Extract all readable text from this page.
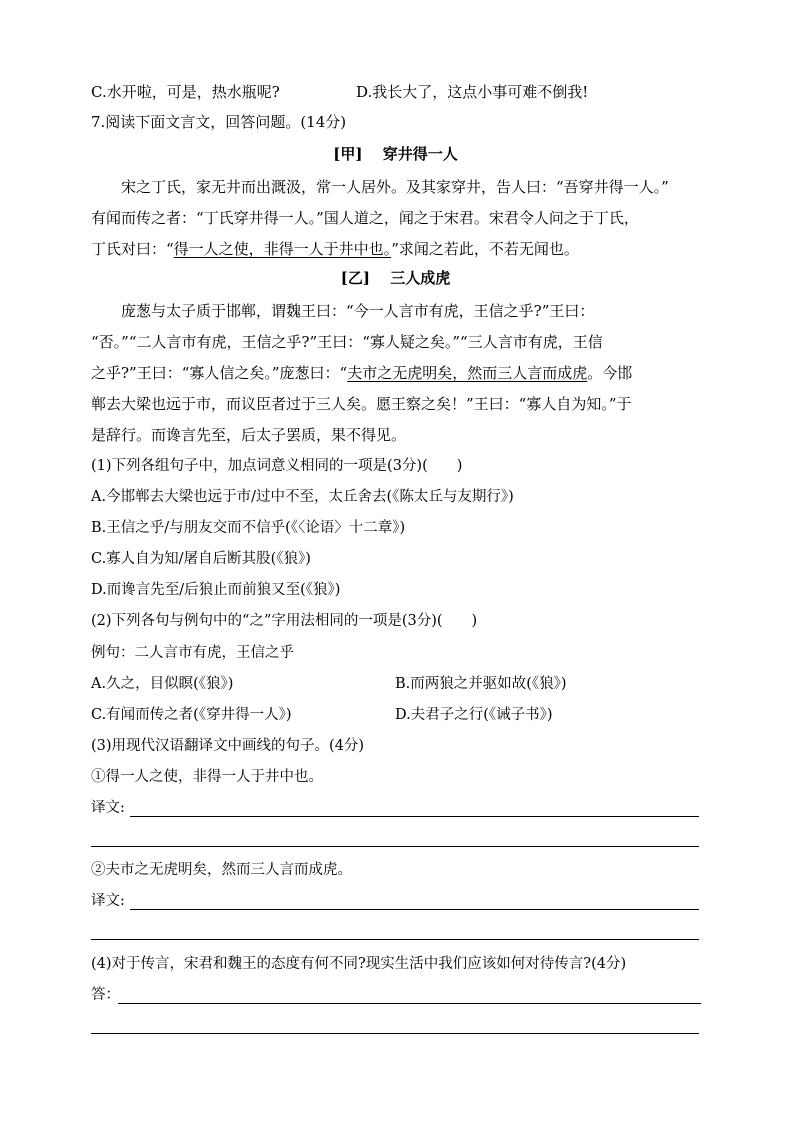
C.水开啦，可是，热水瓶呢?	D.我长大了，这点小事可难不倒我!
7.阅读下面文言文，回答问题。(14分)
[甲]　 穿井得一人
　　宋之丁氏，家无井而出溉汲，常一人居外。及其家穿井，告人曰：“吾穿井得一人。”
有闻而传之者：“丁氏穿井得一人。”国人道之，闻之于宋君。宋君令人问之于丁氏，
丁氏对曰：“得一人之使，非得一人于井中也。”求闻之若此，不若无闻也。
[乙]　 三人成虎
　　庞葱与太子质于邯郸，谓魏王曰：“今一人言市有虎，王信之乎?”王曰：
“否。”“二人言市有虎，王信之乎?”王曰：“寡人疑之矣。”“三人言市有虎，王信
之乎?”王曰：“寡人信之矣。”庞葱曰：“夫市之无虎明矣，然而三人言而成虎。今邯
郸去大梁也远于市，而议臣者过于三人矣。愿王察之矣！”王曰：“寡人自为知。”于
是辞行。而谗言先至，后太子罢质，果不得见。
(1)下列各组句子中，加点词意义相同的一项是(3分)(　　)
A.今邯郸去大梁也远于市/过中不至，太丘舍去(《陈太丘与友期行》)
B.王信之乎/与朋友交而不信乎(《〈论语〉十二章》)
C.寡人自为知/屠自后断其股(《狼》)
D.而谗言先至/后狼止而前狼又至(《狼》)
(2)下列各句与例句中的“之”字用法相同的一项是(3分)(　　)
例句：二人言市有虎，王信之乎
A.久之，目似瞑(《狼》)	B.而两狼之并驱如故(《狼》)
C.有闻而传之者(《穿井得一人》)	D.夫君子之行(《诫子书》)
(3)用现代汉语翻译文中画线的句子。(4分)
①得一人之使，非得一人于井中也。
译文:
②夫市之无虎明矣，然而三人言而成虎。
译文:
(4)对于传言，宋君和魏王的态度有何不同?现实生活中我们应该如何对待传言?(4分)
答：
